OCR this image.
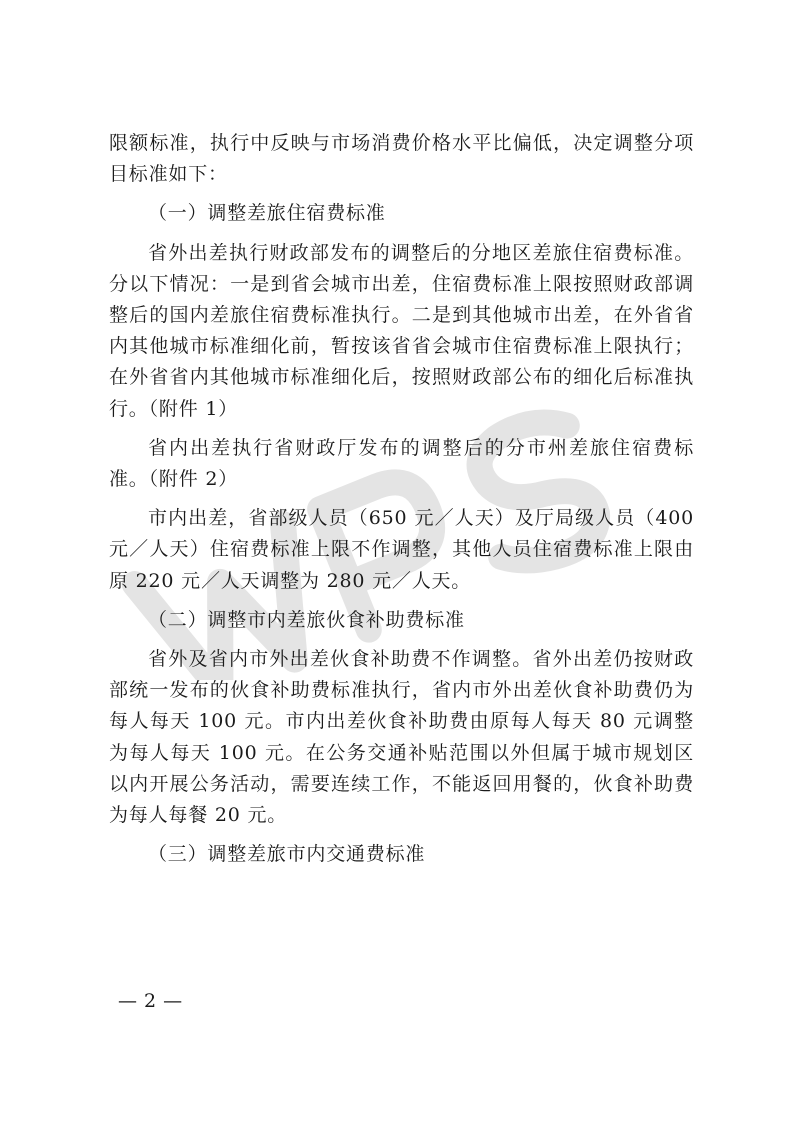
限额标准，执行中反映与市场消费价格水平比偏低，决定调整分项目标准如下：

（一）调整差旅住宿费标准

省外出差执行财政部发布的调整后的分地区差旅住宿费标准。分以下情况：一是到省会城市出差，住宿费标准上限按照财政部调整后的国内差旅住宿费标准执行。二是到其他城市出差，在外省省内其他城市标准细化前，暂按该省省会城市住宿费标准上限执行；在外省省内其他城市标准细化后，按照财政部公布的细化后标准执行。（附件 1）

省内出差执行省财政厅发布的调整后的分市州差旅住宿费标准。（附件 2）

市内出差，省部级人员（650 元／人天）及厅局级人员（400 元／人天）住宿费标准上限不作调整，其他人员住宿费标准上限由原 220 元／人天调整为 280 元／人天。

（二）调整市内差旅伙食补助费标准

省外及省内市外出差伙食补助费不作调整。省外出差仍按财政部统一发布的伙食补助费标准执行，省内市外出差伙食补助费仍为每人每天 100 元。市内出差伙食补助费由原每人每天 80 元调整为每人每天 100 元。在公务交通补贴范围以外但属于城市规划区以内开展公务活动，需要连续工作，不能返回用餐的，伙食补助费为每人每餐 20 元。

（三）调整差旅市内交通费标准

— 2 —
